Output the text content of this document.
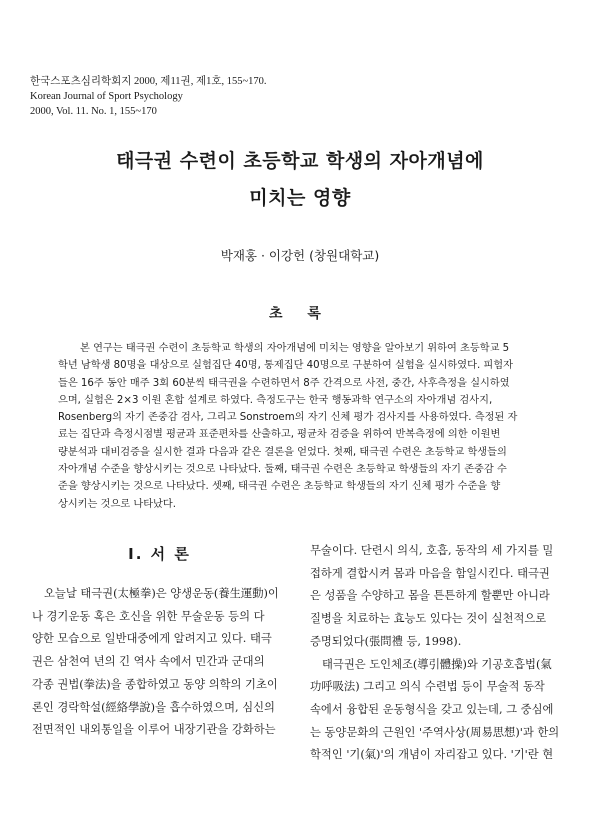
한국스포츠심리학회지 2000, 제11권, 제1호, 155~170.
Korean Journal of Sport Psychology
2000, Vol. 11. No. 1, 155~170
태극권 수련이 초등학교 학생의 자아개념에
미치는 영향
박재홍 · 이강헌 (창원대학교)
초 록
본 연구는 태극권 수련이 초등학교 학생의 자아개념에 미치는 영향을 알아보기 위하여 초등학교 5
학년 남학생 80명을 대상으로 실험집단 40명, 통제집단 40명으로 구분하여 실험을 실시하였다. 피험자
들은 16주 동안 매주 3회 60분씩 태극권을 수련하면서 8주 간격으로 사전, 중간, 사후측정을 실시하였
으며, 실험은 2×3 이원 혼합 설계로 하였다. 측정도구는 한국 행동과학 연구소의 자아개념 검사지,
Rosenberg의 자기 존중감 검사, 그리고 Sonstroem의 자기 신체 평가 검사지를 사용하였다. 측정된 자
료는 집단과 측정시점별 평균과 표준편차를 산출하고, 평균차 검증을 위하여 반복측정에 의한 이원변
량분석과 대비검증을 실시한 결과 다음과 같은 결론을 얻었다. 첫째, 태극권 수련은 초등학교 학생들의
자아개념 수준을 향상시키는 것으로 나타났다. 둘째, 태극권 수련은 초등학교 학생들의 자기 존중감 수
준을 향상시키는 것으로 나타났다. 셋째, 태극권 수련은 초등학교 학생들의 자기 신체 평가 수준을 향
상시키는 것으로 나타났다.
Ⅰ. 서 론
오늘날 태극권(太極拳)은 양생운동(養生運動)이
나 경기운동 혹은 호신을 위한 무술운동 등의 다
양한 모습으로 일반대중에게 알려지고 있다. 태극
권은 삼천여 년의 긴 역사 속에서 민간과 군대의
각종 권법(拳法)을 종합하였고 동양 의학의 기초이
론인 경락학설(經絡學說)을 흡수하였으며, 심신의
전면적인 내외통일을 이루어 내장기관을 강화하는
무술이다. 단련시 의식, 호흡, 동작의 세 가지를 밀
접하게 결합시켜 몸과 마음을 함일시킨다. 태극권
은 성품을 수양하고 몸을 튼튼하게 할뿐만 아니라
질병을 치료하는 효능도 있다는 것이 실천적으로
증명되었다(張問禮 등, 1998).
태극권은 도인체조(導引體操)와 기공호흡법(氣
功呼吸法) 그리고 의식 수련법 등이 무술적 동작
속에서 융합된 운동형식을 갖고 있는데, 그 중심에
는 동양문화의 근원인 '주역사상(周易思想)'과 한의
학적인 '기(氣)'의 개념이 자리잡고 있다. '기'란 현
